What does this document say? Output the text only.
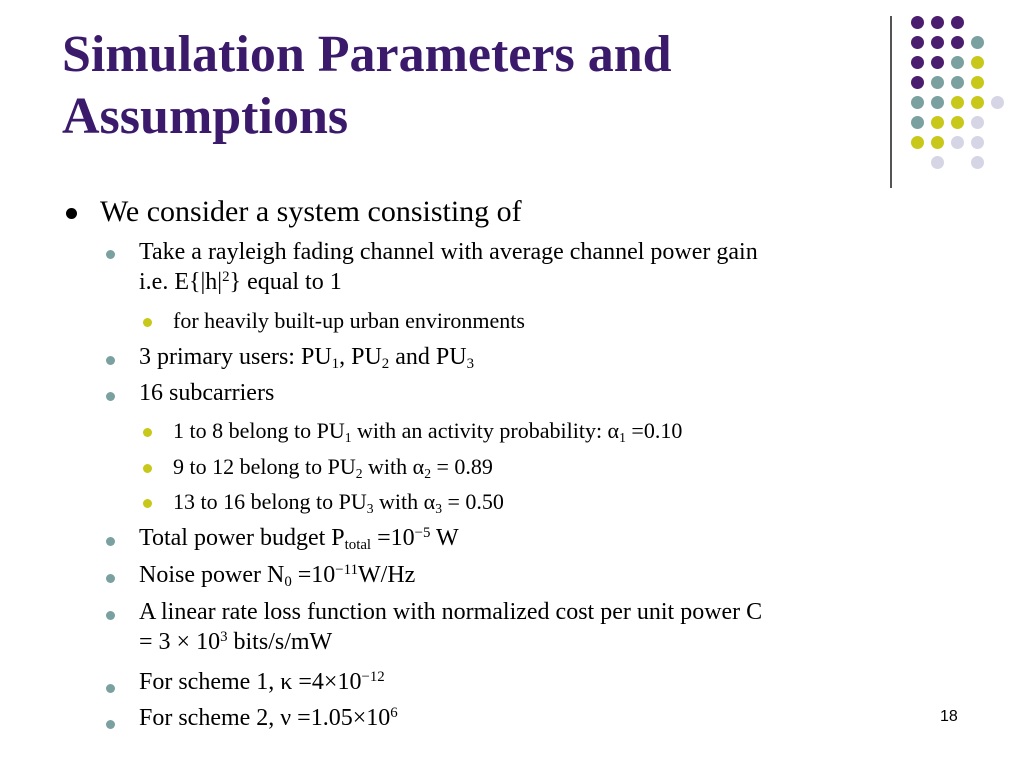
Simulation Parameters and
Assumptions
We consider a system consisting of
Take a rayleigh fading channel with average channel power gain
i.e. $E\{|h|^2\}$ equal to 1
for heavily built-up urban environments
3 primary users: $PU_1$, $PU_2$ and $PU_3$
16 subcarriers
1 to 8 belong to $PU_1$ with an activity probability: $\alpha_1 =0.10$
9 to 12 belong to $PU_2$ with $\alpha_2 = 0.89$
13 to 16 belong to $PU_3$ with $\alpha_3 = 0.50$
Total power budget $P_{total} =10^{-5}$ W
Noise power $N_0 =10^{-11}W/Hz$
A linear rate loss function with normalized cost per unit power C
= $3 \times 10^3$ bits/s/mW
For scheme 1, $\kappa =4\times 10^{-12}$
For scheme 2, $\nu =1.05\times 10^6$	18
